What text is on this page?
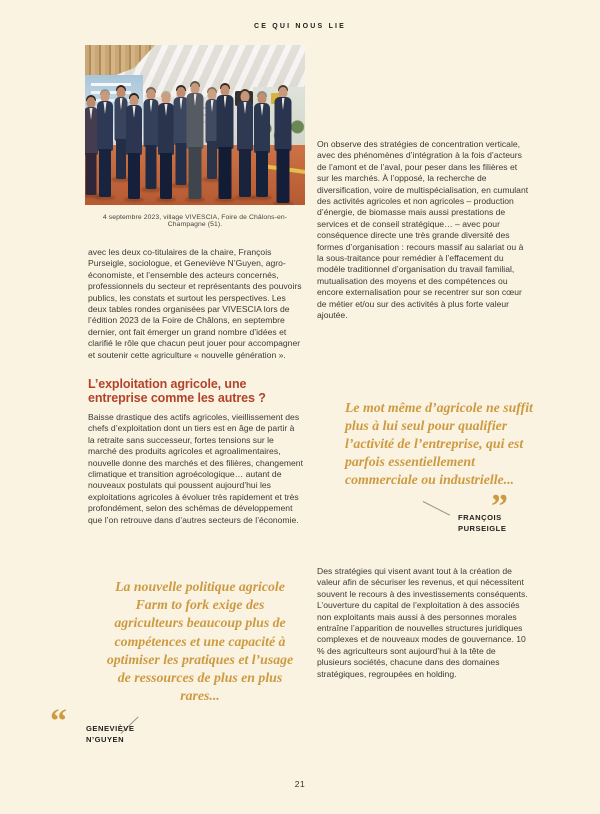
CE QUI NOUS LIE
4 septembre 2023, village VIVESCIA, Foire de Châlons-en-Champagne (51).
avec les deux co-titulaires de la chaire, François Purseigle, sociologue, et Geneviève N’Guyen, agro-économiste, et l’ensemble des acteurs concernés, professionnels du secteur et représentants des pouvoirs publics, les constats et surtout les perspectives. Les deux tables rondes organisées par VIVESCIA lors de l’édition 2023 de la Foire de Châlons, en septembre dernier, ont fait émerger un grand nombre d’idées et clarifié le rôle que chacun peut jouer pour accompagner et soutenir cette agriculture « nouvelle génération ».
L’exploitation agricole, une entreprise comme les autres ?
Baisse drastique des actifs agricoles, vieillissement des chefs d’exploitation dont un tiers est en âge de partir à la retraite sans successeur, fortes tensions sur le marché des produits agricoles et agroalimentaires, nouvelle donne des marchés et des filières, changement climatique et transition agroécologique… autant de nouveaux postulats qui poussent aujourd’hui les exploitations agricoles à évoluer très rapidement et très profondément, selon des schémas de développement que l’on retrouve dans d’autres secteurs de l’économie.
On observe des stratégies de concentration verticale, avec des phénomènes d’intégration à la fois d’acteurs de l’amont et de l’aval, pour peser dans les filières et sur les marchés. À l’opposé, la recherche de diversification, voire de multispécialisation, en cumulant des activités agricoles et non agricoles – production d’énergie, de biomasse mais aussi prestations de services et de conseil stratégique… – avec pour conséquence directe une très grande diversité des formes d’organisation : recours massif au salariat ou à la sous-traitance pour remédier à l’effacement du modèle traditionnel d’organisation du travail familial, mutualisation des moyens et des compétences ou encore externalisation pour se recentrer sur son cœur de métier et/ou sur des activités à plus forte valeur ajoutée.
Le mot même d’agricole ne suffit plus à lui seul pour qualifier l’activité de l’entreprise, qui est parfois essentiellement commerciale ou industrielle...
”
FRANÇOIS
PURSEIGLE
Des stratégies qui visent avant tout à la création de valeur afin de sécuriser les revenus, et qui nécessitent souvent le recours à des investissements conséquents. L’ouverture du capital de l’exploitation à des associés non exploitants mais aussi à des personnes morales entraîne l’apparition de nouvelles structures juridiques complexes et de nouveaux modes de gouvernance. 10 % des agriculteurs sont aujourd’hui à la tête de plusieurs sociétés, chacune dans des domaines stratégiques, regroupées en holding.
La nouvelle politique agricole Farm to fork exige des agriculteurs beaucoup plus de compétences et une capacité à optimiser les pratiques et l’usage de ressources de plus en plus rares...
“	GENEVIÈVE
N’GUYEN
21
